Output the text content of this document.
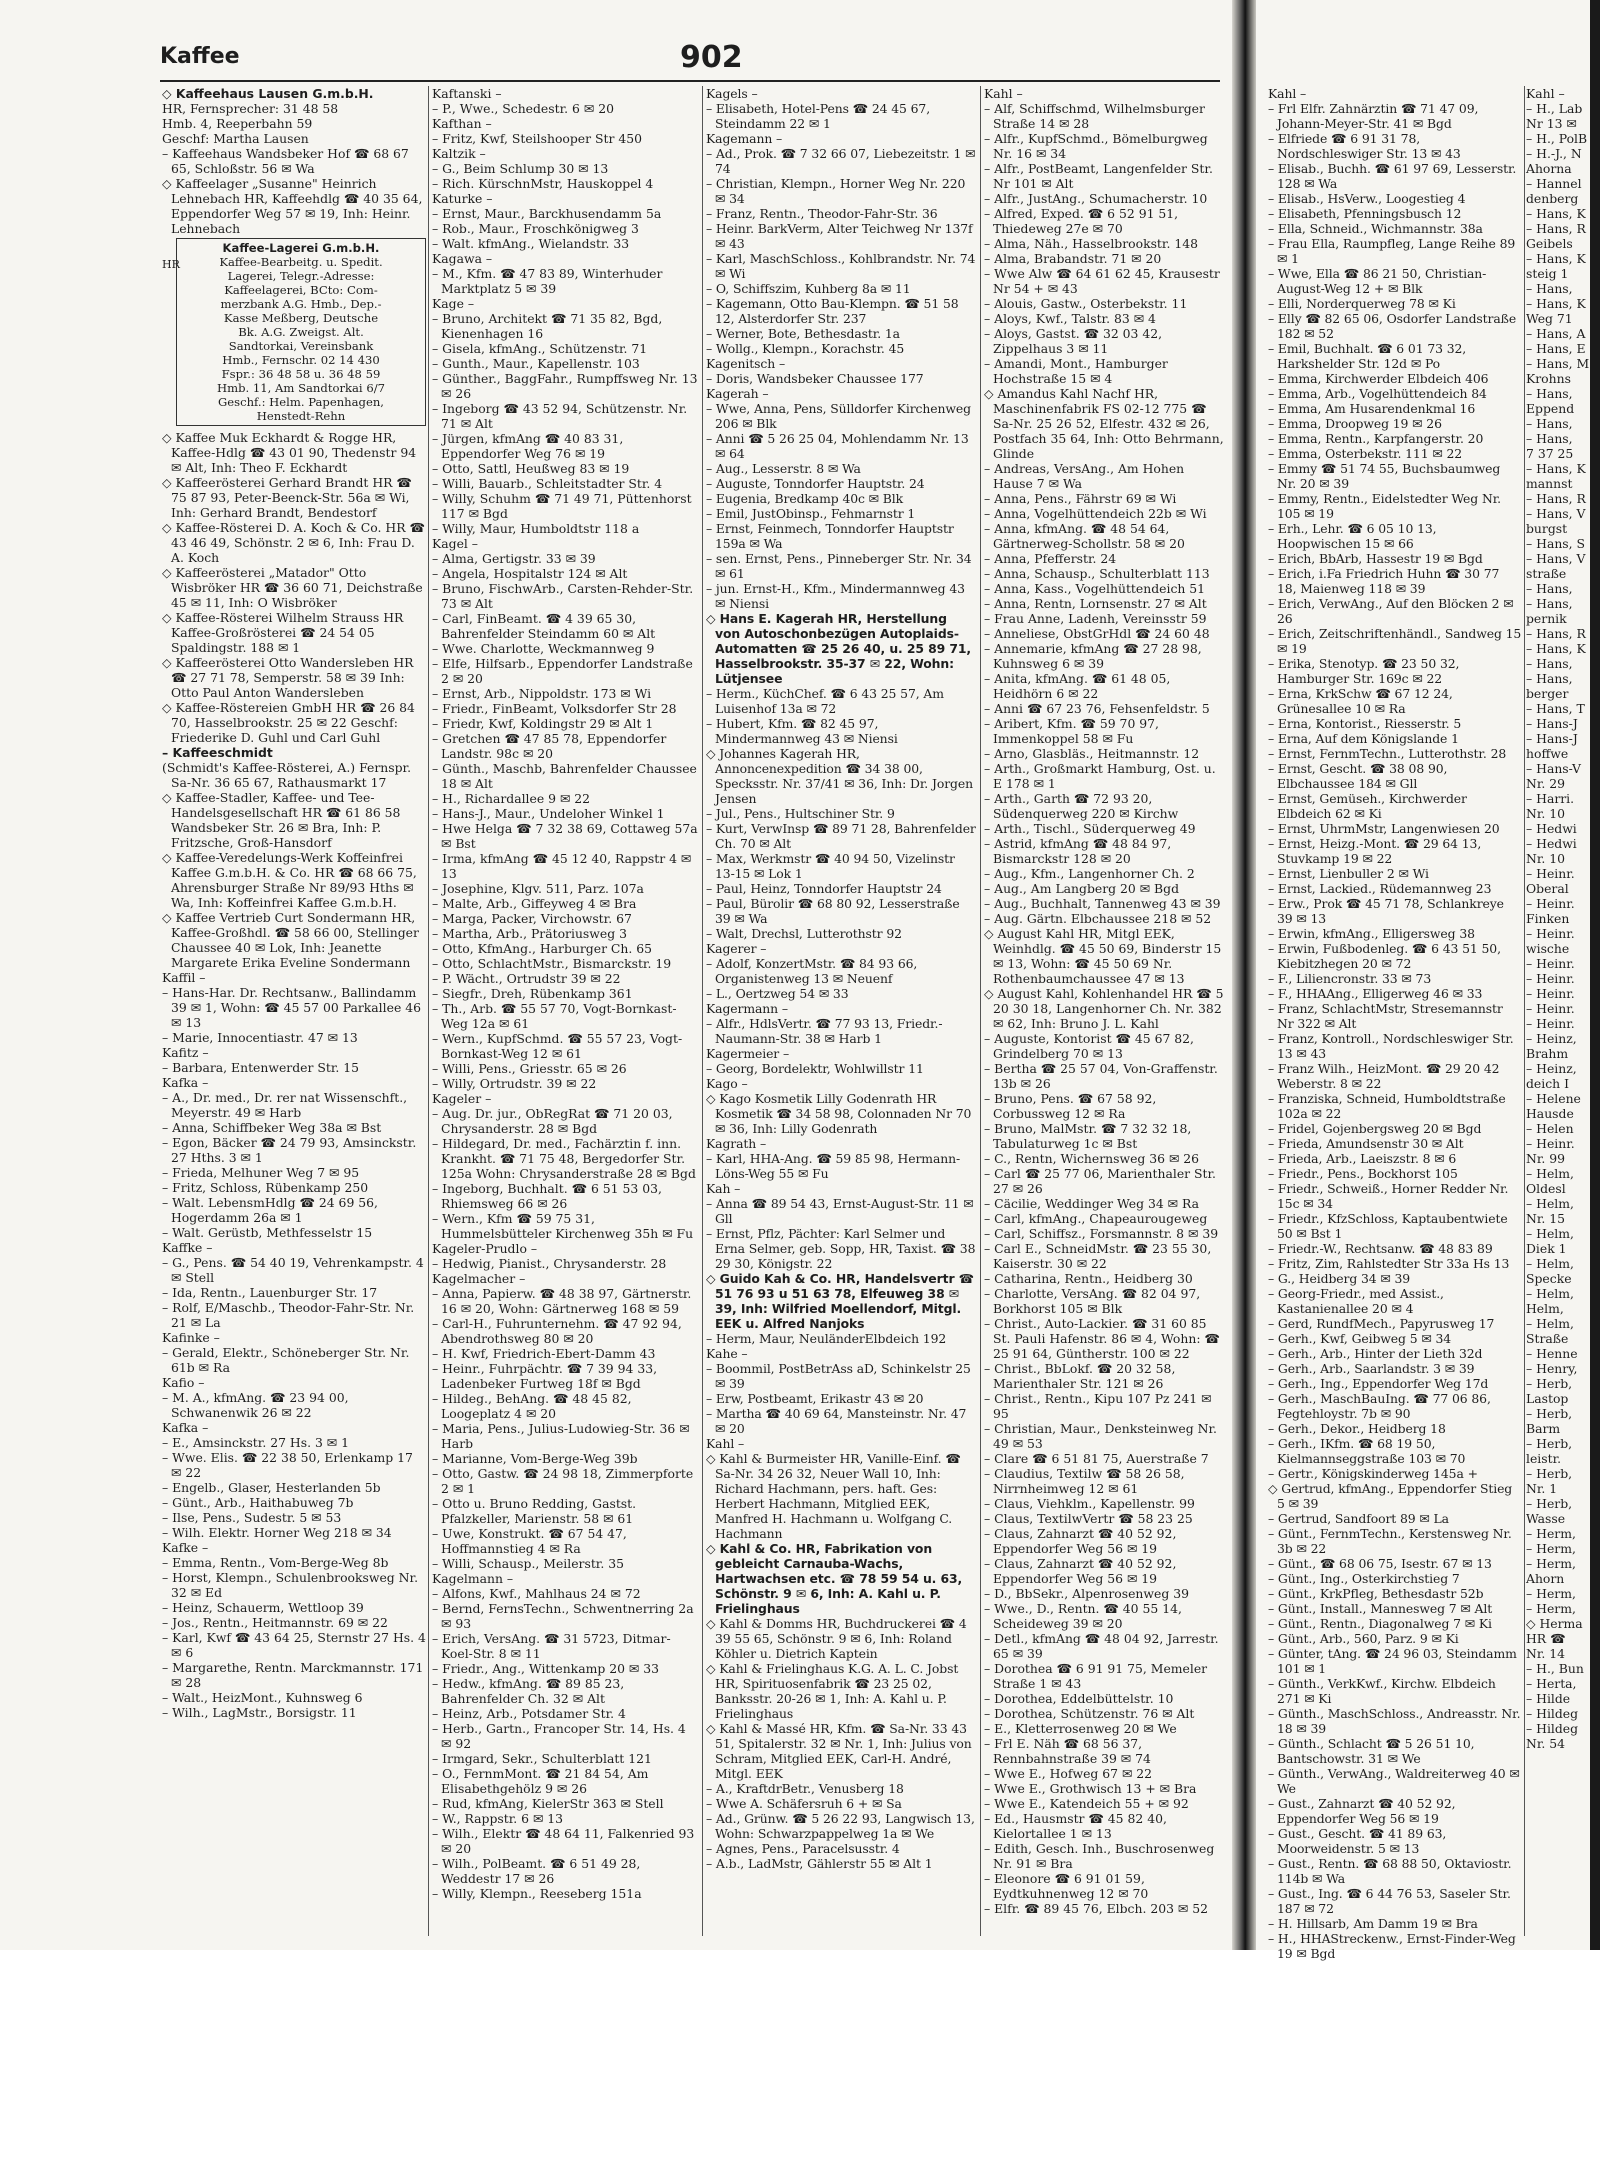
Kaffee	902
◇ Kaffeehaus Lausen G.m.b.H.
HR, Fernsprecher: 31 48 58
Hmb. 4, Reeperbahn 59
Geschf: Martha Lausen
– Kaffeehaus Wandsbeker Hof ☎ 68 67 65, Schloßstr. 56 ✉ Wa
◇ Kaffeelager „Susanne" Heinrich Lehnebach HR, Kaffeehdlg ☎ 40 35 64, Eppendorfer Weg 57 ✉ 19, Inh: Heinr. Lehnebach
Kaffee-Lagerei G.m.b.H.
Kaffee-Bearbeitg. u. Spedit.
Lagerei, Telegr.-Adresse:
Kaffeelagerei, BCto: Com-
merzbank A.G. Hmb., Dep.-
Kasse Meßberg, Deutsche
Bk. A.G. Zweigst. Alt.
Sandtorkai, Vereinsbank
Hmb., Fernschr. 02 14 430
Fspr.: 36 48 58 u. 36 48 59
Hmb. 11, Am Sandtorkai 6/7
Geschf.: Helm. Papenhagen,
Henstedt-Rehn
◇ Kaffee Muk Eckhardt & Rogge HR, Kaffee-Hdlg ☎ 43 01 90, Thedenstr 94 ✉ Alt, Inh: Theo F. Eckhardt
◇ Kaffeerösterei Gerhard Brandt HR ☎ 75 87 93, Peter-Beenck-Str. 56a ✉ Wi, Inh: Gerhard Brandt, Bendestorf
◇ Kaffee-Rösterei D. A. Koch & Co. HR ☎ 43 46 49, Schönstr. 2 ✉ 6, Inh: Frau D. A. Koch
◇ Kaffeerösterei „Matador" Otto Wisbröker HR ☎ 36 60 71, Deichstraße 45 ✉ 11, Inh: O Wisbröker
◇ Kaffee-Rösterei Wilhelm Strauss HR Kaffee-Großrösterei ☎ 24 54 05 Spaldingstr. 188 ✉ 1
◇ Kaffeerösterei Otto Wandersleben HR ☎ 27 71 78, Semperstr. 58 ✉ 39 Inh: Otto Paul Anton Wandersleben
◇ Kaffee-Röstereien GmbH HR ☎ 26 84 70, Hasselbrookstr. 25 ✉ 22 Geschf: Friederike D. Guhl und Carl Guhl
– Kaffeeschmidt
(Schmidt's Kaffee-Rösterei, A.) Fernspr. Sa-Nr. 36 65 67, Rathausmarkt 17
◇ Kaffee-Stadler, Kaffee- und Tee-Handelsgesellschaft HR ☎ 61 86 58 Wandsbeker Str. 26 ✉ Bra, Inh: P. Fritzsche, Groß-Hansdorf
◇ Kaffee-Veredelungs-Werk Koffeinfrei Kaffee G.m.b.H. & Co. HR ☎ 68 66 75, Ahrensburger Straße Nr 89/93 Hths ✉ Wa, Inh: Koffeinfrei Kaffee G.m.b.H.
◇ Kaffee Vertrieb Curt Sondermann HR, Kaffee-Großhdl. ☎ 58 66 00, Stellinger Chaussee 40 ✉ Lok, Inh: Jeanette Margarete Erika Eveline Sondermann
Kaffil –
– Hans-Har. Dr. Rechtsanw., Ballindamm 39 ✉ 1, Wohn: ☎ 45 57 00 Parkallee 46 ✉ 13
– Marie, Innocentiastr. 47 ✉ 13
Kafitz –
– Barbara, Entenwerder Str. 15
Kafka –
– A., Dr. med., Dr. rer nat Wissenschft., Meyerstr. 49 ✉ Harb
– Anna, Schiffbeker Weg 38a ✉ Bst
– Egon, Bäcker ☎ 24 79 93, Amsinckstr. 27 Hths. 3 ✉ 1
– Frieda, Melhuner Weg 7 ✉ 95
– Fritz, Schloss, Rübenkamp 250
– Walt. LebensmHdlg ☎ 24 69 56, Hogerdamm 26a ✉ 1
– Walt. Gerüstb, Methfesselstr 15
Kaffke –
– G., Pens. ☎ 54 40 19, Vehrenkampstr. 4 ✉ Stell
– Ida, Rentn., Lauenburger Str. 17
– Rolf, E/Maschb., Theodor-Fahr-Str. Nr. 21 ✉ La
Kafinke –
– Gerald, Elektr., Schöneberger Str. Nr. 61b ✉ Ra
Kafio –
– M. A., kfmAng. ☎ 23 94 00, Schwanenwik 26 ✉ 22
Kafka –
– E., Amsinckstr. 27 Hs. 3 ✉ 1
– Wwe. Elis. ☎ 22 38 50, Erlenkamp 17 ✉ 22
– Engelb., Glaser, Hesterlanden 5b
– Günt., Arb., Haithabuweg 7b
– Ilse, Pens., Sudestr. 5 ✉ 53
– Wilh. Elektr. Horner Weg 218 ✉ 34
Kafke –
– Emma, Rentn., Vom-Berge-Weg 8b
– Horst, Klempn., Schulenbrooksweg Nr. 32 ✉ Ed
– Heinz, Schauerm, Wettloop 39
– Jos., Rentn., Heitmannstr. 69 ✉ 22
– Karl, Kwf ☎ 43 64 25, Sternstr 27 Hs. 4 ✉ 6
– Margarethe, Rentn. Marckmannstr. 171 ✉ 28
– Walt., HeizMont., Kuhnsweg 6
– Wilh., LagMstr., Borsigstr. 11
HR
Kaftanski –
– P., Wwe., Schedestr. 6 ✉ 20
Kafthan –
– Fritz, Kwf, Steilshooper Str 450
Kaltzik –
– G., Beim Schlump 30 ✉ 13
– Rich. KürschnMstr, Hauskoppel 4
Katurke –
– Ernst, Maur., Barckhusendamm 5a
– Rob., Maur., Froschkönigweg 3
– Walt. kfmAng., Wielandstr. 33
Kagawa –
– M., Kfm. ☎ 47 83 89, Winterhuder Marktplatz 5 ✉ 39
Kage –
– Bruno, Architekt ☎ 71 35 82, Bgd, Kienenhagen 16
– Gisela, kfmAng., Schützenstr. 71
– Gunth., Maur., Kapellenstr. 103
– Günther., BaggFahr., Rumpffsweg Nr. 13 ✉ 26
– Ingeborg ☎ 43 52 94, Schützenstr. Nr. 71 ✉ Alt
– Jürgen, kfmAng ☎ 40 83 31, Eppendorfer Weg 76 ✉ 19
– Otto, Sattl, Heußweg 83 ✉ 19
– Willi, Bauarb., Schleitstadter Str. 4
– Willy, Schuhm ☎ 71 49 71, Püttenhorst 117 ✉ Bgd
– Willy, Maur, Humboldtstr 118 a
Kagel –
– Alma, Gertigstr. 33 ✉ 39
– Angela, Hospitalstr 124 ✉ Alt
– Bruno, FischwArb., Carsten-Rehder-Str. 73 ✉ Alt
– Carl, FinBeamt. ☎ 4 39 65 30, Bahrenfelder Steindamm 60 ✉ Alt
– Wwe. Charlotte, Weckmannweg 9
– Elfe, Hilfsarb., Eppendorfer Landstraße 2 ✉ 20
– Ernst, Arb., Nippoldstr. 173 ✉ Wi
– Friedr., FinBeamt, Volksdorfer Str 28
– Friedr, Kwf, Koldingstr 29 ✉ Alt 1
– Gretchen ☎ 47 85 78, Eppendorfer Landstr. 98c ✉ 20
– Günth., Maschb, Bahrenfelder Chaussee 18 ✉ Alt
– H., Richardallee 9 ✉ 22
– Hans-J., Maur., Undeloher Winkel 1
– Hwe Helga ☎ 7 32 38 69, Cottaweg 57a ✉ Bst
– Irma, kfmAng ☎ 45 12 40, Rappstr 4 ✉ 13
– Josephine, Klgv. 511, Parz. 107a
– Malte, Arb., Giffeyweg 4 ✉ Bra
– Marga, Packer, Virchowstr. 67
– Martha, Arb., Prätoriusweg 3
– Otto, KfmAng., Harburger Ch. 65
– Otto, SchlachtMstr., Bismarckstr. 19
– P. Wächt., Ortrudstr 39 ✉ 22
– Siegfr., Dreh, Rübenkamp 361
– Th., Arb. ☎ 55 57 70, Vogt-Bornkast-Weg 12a ✉ 61
– Wern., KupfSchmd. ☎ 55 57 23, Vogt-Bornkast-Weg 12 ✉ 61
– Willi, Pens., Griesstr. 65 ✉ 26
– Willy, Ortrudstr. 39 ✉ 22
Kageler –
– Aug. Dr. jur., ObRegRat ☎ 71 20 03, Chrysanderstr. 28 ✉ Bgd
– Hildegard, Dr. med., Fachärztin f. inn. Krankht. ☎ 71 75 48, Bergedorfer Str. 125a Wohn: Chrysanderstraße 28 ✉ Bgd
– Ingeborg, Buchhalt. ☎ 6 51 53 03, Rhiemsweg 66 ✉ 26
– Wern., Kfm ☎ 59 75 31, Hummelsbütteler Kirchenweg 35h ✉ Fu
Kageler-Prudlo –
– Hedwig, Pianist., Chrysanderstr. 28
Kagelmacher –
– Anna, Papierw. ☎ 48 38 97, Gärtnerstr. 16 ✉ 20, Wohn: Gärtnerweg 168 ✉ 59
– Carl-H., Fuhrunternehm. ☎ 47 92 94, Abendrothsweg 80 ✉ 20
– H. Kwf, Friedrich-Ebert-Damm 43
– Heinr., Fuhrpächtr. ☎ 7 39 94 33, Ladenbeker Furtweg 18f ✉ Bgd
– Hildeg., BehAng. ☎ 48 45 82, Loogeplatz 4 ✉ 20
– Maria, Pens., Julius-Ludowieg-Str. 36 ✉ Harb
– Marianne, Vom-Berge-Weg 39b
– Otto, Gastw. ☎ 24 98 18, Zimmerpforte 2 ✉ 1
– Otto u. Bruno Redding, Gastst. Pfalzkeller, Marienstr. 58 ✉ 61
– Uwe, Konstrukt. ☎ 67 54 47, Hoffmannstieg 4 ✉ Ra
– Willi, Schausp., Meilerstr. 35
Kagelmann –
– Alfons, Kwf., Mahlhaus 24 ✉ 72
– Bernd, FernsTechn., Schwentnerring 2a ✉ 93
– Erich, VersAng. ☎ 31 5723, Ditmar-Koel-Str. 8 ✉ 11
– Friedr., Ang., Wittenkamp 20 ✉ 33
– Hedw., kfmAng. ☎ 89 85 23, Bahrenfelder Ch. 32 ✉ Alt
– Heinz, Arb., Potsdamer Str. 4
– Herb., Gartn., Francoper Str. 14, Hs. 4 ✉ 92
– Irmgard, Sekr., Schulterblatt 121
– O., FernmMont. ☎ 21 84 54, Am Elisabethgehölz 9 ✉ 26
– Rud, kfmAng, KielerStr 363 ✉ Stell
– W., Rappstr. 6 ✉ 13
– Wilh., Elektr ☎ 48 64 11, Falkenried 93 ✉ 20
– Wilh., PolBeamt. ☎ 6 51 49 28, Weddestr 17 ✉ 26
– Willy, Klempn., Reeseberg 151a
Kagels –
– Elisabeth, Hotel-Pens ☎ 24 45 67, Steindamm 22 ✉ 1
Kagemann –
– Ad., Prok. ☎ 7 32 66 07, Liebezeitstr. 1 ✉ 74
– Christian, Klempn., Horner Weg Nr. 220 ✉ 34
– Franz, Rentn., Theodor-Fahr-Str. 36
– Heinr. BarkVerm, Alter Teichweg Nr 137f ✉ 43
– Karl, MaschSchloss., Kohlbrandstr. Nr. 74 ✉ Wi
– O, Schiffszim, Kuhberg 8a ✉ 11
– Kagemann, Otto Bau-Klempn. ☎ 51 58 12, Alsterdorfer Str. 237
– Werner, Bote, Bethesdastr. 1a
– Wollg., Klempn., Korachstr. 45
Kagenitsch –
– Doris, Wandsbeker Chaussee 177
Kagerah –
– Wwe, Anna, Pens, Sülldorfer Kirchenweg 206 ✉ Blk
– Anni ☎ 5 26 25 04, Mohlendamm Nr. 13 ✉ 64
– Aug., Lesserstr. 8 ✉ Wa
– Auguste, Tonndorfer Hauptstr. 24
– Eugenia, Bredkamp 40c ✉ Blk
– Emil, JustObinsp., Fehmarnstr 1
– Ernst, Feinmech, Tonndorfer Hauptstr 159a ✉ Wa
– sen. Ernst, Pens., Pinneberger Str. Nr. 34 ✉ 61
– jun. Ernst-H., Kfm., Mindermannweg 43 ✉ Niensi
◇ Hans E. Kagerah HR, Herstellung von Autoschonbezügen Autoplaids-Automatten ☎ 25 26 40, u. 25 89 71, Hasselbrookstr. 35-37 ✉ 22, Wohn: Lütjensee
– Herm., KüchChef. ☎ 6 43 25 57, Am Luisenhof 13a ✉ 72
– Hubert, Kfm. ☎ 82 45 97, Mindermannweg 43 ✉ Niensi
◇ Johannes Kagerah HR, Annoncenexpedition ☎ 34 38 00, Specksstr. Nr. 37/41 ✉ 36, Inh: Dr. Jorgen Jensen
– Jul., Pens., Hultschiner Str. 9
– Kurt, VerwInsp ☎ 89 71 28, Bahrenfelder Ch. 70 ✉ Alt
– Max, Werkmstr ☎ 40 94 50, Vizelinstr 13-15 ✉ Lok 1
– Paul, Heinz, Tonndorfer Hauptstr 24
– Paul, Bürolir ☎ 68 80 92, Lesserstraße 39 ✉ Wa
– Walt, Drechsl, Lutterothstr 92
Kagerer –
– Adolf, KonzertMstr. ☎ 84 93 66, Organistenweg 13 ✉ Neuenf
– L., Oertzweg 54 ✉ 33
Kagermann –
– Alfr., HdlsVertr. ☎ 77 93 13, Friedr.-Naumann-Str. 38 ✉ Harb 1
Kagermeier –
– Georg, Bordelektr, Wohlwillstr 11
Kago –
◇ Kago Kosmetik Lilly Godenrath HR Kosmetik ☎ 34 58 98, Colonnaden Nr 70 ✉ 36, Inh: Lilly Godenrath
Kagrath –
– Karl, HHA-Ang. ☎ 59 85 98, Hermann-Löns-Weg 55 ✉ Fu
Kah –
– Anna ☎ 89 54 43, Ernst-August-Str. 11 ✉ Gll
– Ernst, Pflz, Pächter: Karl Selmer und Erna Selmer, geb. Sopp, HR, Taxist. ☎ 38 29 30, Königstr. 22
◇ Guido Kah & Co. HR, Handelsvertr ☎ 51 76 93 u 51 63 78, Elfeuweg 38 ✉ 39, Inh: Wilfried Moellendorf, Mitgl. EEK u. Alfred Nanjoks
– Herm, Maur, NeuländerElbdeich 192
Kahe –
– Boommil, PostBetrAss aD, Schinkelstr 25 ✉ 39
– Erw, Postbeamt, Erikastr 43 ✉ 20
– Martha ☎ 40 69 64, Mansteinstr. Nr. 47 ✉ 20
Kahl –
◇ Kahl & Burmeister HR, Vanille-Einf. ☎ Sa-Nr. 34 26 32, Neuer Wall 10, Inh: Richard Hachmann, pers. haft. Ges: Herbert Hachmann, Mitglied EEK, Manfred H. Hachmann u. Wolfgang C. Hachmann
◇ Kahl & Co. HR, Fabrikation von gebleicht Carnauba-Wachs, Hartwachsen etc. ☎ 78 59 54 u. 63, Schönstr. 9 ✉ 6, Inh: A. Kahl u. P. Frielinghaus
◇ Kahl & Domms HR, Buchdruckerei ☎ 4 39 55 65, Schönstr. 9 ✉ 6, Inh: Roland Köhler u. Dietrich Kaptein
◇ Kahl & Frielinghaus K.G. A. L. C. Jobst HR, Spirituosenfabrik ☎ 23 25 02, Banksstr. 20-26 ✉ 1, Inh: A. Kahl u. P. Frielinghaus
◇ Kahl & Massé HR, Kfm. ☎ Sa-Nr. 33 43 51, Spitalerstr. 32 ✉ Nr. 1, Inh: Julius von Schram, Mitglied EEK, Carl-H. André, Mitgl. EEK
– A., KraftdrBetr., Venusberg 18
– Wwe A. Schäfersruh 6 + ✉ Sa
– Ad., Grünw. ☎ 5 26 22 93, Langwisch 13, Wohn: Schwarzpappelweg 1a ✉ We
– Agnes, Pens., Paracelsusstr. 4
– A.b., LadMstr, Gählerstr 55 ✉ Alt 1
Kahl –
– Alf, Schiffschmd, Wilhelmsburger Straße 14 ✉ 28
– Alfr., KupfSchmd., Bömelburgweg Nr. 16 ✉ 34
– Alfr., PostBeamt, Langenfelder Str. Nr 101 ✉ Alt
– Alfr., JustAng., Schumacherstr. 10
– Alfred, Exped. ☎ 6 52 91 51, Thiedeweg 27e ✉ 70
– Alma, Näh., Hasselbrookstr. 148
– Alma, Brabandstr. 71 ✉ 20
– Wwe Alw ☎ 64 61 62 45, Krausestr Nr 54 + ✉ 43
– Alouis, Gastw., Osterbekstr. 11
– Aloys, Kwf., Talstr. 83 ✉ 4
– Aloys, Gastst. ☎ 32 03 42, Zippelhaus 3 ✉ 11
– Amandi, Mont., Hamburger Hochstraße 15 ✉ 4
◇ Amandus Kahl Nachf HR, Maschinenfabrik FS 02-12 775 ☎ Sa-Nr. 25 26 52, Elfestr. 432 ✉ 26, Postfach 35 64, Inh: Otto Behrmann, Glinde
– Andreas, VersAng., Am Hohen Hause 7 ✉ Wa
– Anna, Pens., Fährstr 69 ✉ Wi
– Anna, Vogelhüttendeich 22b ✉ Wi
– Anna, kfmAng. ☎ 48 54 64, Gärtnerweg-Schollstr. 58 ✉ 20
– Anna, Pfefferstr. 24
– Anna, Schausp., Schulterblatt 113
– Anna, Kass., Vogelhüttendeich 51
– Anna, Rentn, Lornsenstr. 27 ✉ Alt
– Frau Anne, Ladenh, Vereinsstr 59
– Anneliese, ObstGrHdl ☎ 24 60 48
– Annemarie, kfmAng ☎ 27 28 98, Kuhnsweg 6 ✉ 39
– Anita, kfmAng. ☎ 61 48 05, Heidhörn 6 ✉ 22
– Anni ☎ 67 23 76, Fehsenfeldstr. 5
– Aribert, Kfm. ☎ 59 70 97, Immenkoppel 58 ✉ Fu
– Arno, Glasbläs., Heitmannstr. 12
– Arth., Großmarkt Hamburg, Ost. u. E 178 ✉ 1
– Arth., Garth ☎ 72 93 20, Südenquerweg 220 ✉ Kirchw
– Arth., Tischl., Süderquerweg 49
– Astrid, kfmAng ☎ 48 84 97, Bismarckstr 128 ✉ 20
– Aug., Kfm., Langenhorner Ch. 2
– Aug., Am Langberg 20 ✉ Bgd
– Aug., Buchhalt, Tannenweg 43 ✉ 39
– Aug. Gärtn. Elbchaussee 218 ✉ 52
◇ August Kahl HR, Mitgl EEK, Weinhdlg. ☎ 45 50 69, Binderstr 15 ✉ 13, Wohn: ☎ 45 50 69 Nr. Rothenbaumchaussee 47 ✉ 13
◇ August Kahl, Kohlenhandel HR ☎ 5 20 30 18, Langenhorner Ch. Nr. 382 ✉ 62, Inh: Bruno J. L. Kahl
– Auguste, Kontorist ☎ 45 67 82, Grindelberg 70 ✉ 13
– Bertha ☎ 25 57 04, Von-Graffenstr. 13b ✉ 26
– Bruno, Pens. ☎ 67 58 92, Corbussweg 12 ✉ Ra
– Bruno, MalMstr. ☎ 7 32 32 18, Tabulaturweg 1c ✉ Bst
– C., Rentn, Wichernsweg 36 ✉ 26
– Carl ☎ 25 77 06, Marienthaler Str. 27 ✉ 26
– Cäcilie, Weddinger Weg 34 ✉ Ra
– Carl, kfmAng., Chapeaurougeweg
– Carl, Schiffsz., Forsmannstr. 8 ✉ 39
– Carl E., SchneidMstr. ☎ 23 55 30, Kaiserstr. 30 ✉ 22
– Catharina, Rentn., Heidberg 30
– Charlotte, VersAng. ☎ 82 04 97, Borkhorst 105 ✉ Blk
– Christ., Auto-Lackier. ☎ 31 60 85 St. Pauli Hafenstr. 86 ✉ 4, Wohn: ☎ 25 91 64, Güntherstr. 100 ✉ 22
– Christ., BbLokf. ☎ 20 32 58, Marienthaler Str. 121 ✉ 26
– Christ., Rentn., Kipu 107 Pz 241 ✉ 95
– Christian, Maur., Denksteinweg Nr. 49 ✉ 53
– Clare ☎ 6 51 81 75, Auerstraße 7
– Claudius, Textilw ☎ 58 26 58, Nirrnheimweg 12 ✉ 61
– Claus, Viehklm., Kapellenstr. 99
– Claus, TextilwVertr ☎ 58 23 25
– Claus, Zahnarzt ☎ 40 52 92, Eppendorfer Weg 56 ✉ 19
– Claus, Zahnarzt ☎ 40 52 92, Eppendorfer Weg 56 ✉ 19
– D., BbSekr., Alpenrosenweg 39
– Wwe., D., Rentn. ☎ 40 55 14, Scheideweg 39 ✉ 20
– Detl., kfmAng ☎ 48 04 92, Jarrestr. 65 ✉ 39
– Dorothea ☎ 6 91 91 75, Memeler Straße 1 ✉ 43
– Dorothea, Eddelbüttelstr. 10
– Dorothea, Schützenstr. 76 ✉ Alt
– E., Kletterrosenweg 20 ✉ We
– Frl E. Näh ☎ 68 56 37, Rennbahnstraße 39 ✉ 74
– Wwe E., Hofweg 67 ✉ 22
– Wwe E., Grothwisch 13 + ✉ Bra
– Wwe E., Katendeich 55 + ✉ 92
– Ed., Hausmstr ☎ 45 82 40, Kielortallee 1 ✉ 13
– Edith, Gesch. Inh., Buschrosenweg Nr. 91 ✉ Bra
– Eleonore ☎ 6 91 01 59, Eydtkuhnenweg 12 ✉ 70
– Elfr. ☎ 89 45 76, Elbch. 203 ✉ 52
Kahl –
– Frl Elfr. Zahnärztin ☎ 71 47 09, Johann-Meyer-Str. 41 ✉ Bgd
– Elfriede ☎ 6 91 31 78, Nordschleswiger Str. 13 ✉ 43
– Elisab., Buchh. ☎ 61 97 69, Lesserstr. 128 ✉ Wa
– Elisab., HsVerw., Loogestieg 4
– Elisabeth, Pfenningsbusch 12
– Ella, Schneid., Wichmannstr. 38a
– Frau Ella, Raumpfleg, Lange Reihe 89 ✉ 1
– Wwe, Ella ☎ 86 21 50, Christian-August-Weg 12 + ✉ Blk
– Elli, Norderquerweg 78 ✉ Ki
– Elly ☎ 82 65 06, Osdorfer Landstraße 182 ✉ 52
– Emil, Buchhalt. ☎ 6 01 73 32, Harkshelder Str. 12d ✉ Po
– Emma, Kirchwerder Elbdeich 406
– Emma, Arb., Vogelhüttendeich 84
– Emma, Am Husarendenkmal 16
– Emma, Droopweg 19 ✉ 26
– Emma, Rentn., Karpfangerstr. 20
– Emma, Osterbekstr. 111 ✉ 22
– Emmy ☎ 51 74 55, Buchsbaumweg Nr. 20 ✉ 39
– Emmy, Rentn., Eidelstedter Weg Nr. 105 ✉ 19
– Erh., Lehr. ☎ 6 05 10 13, Hoopwischen 15 ✉ 66
– Erich, BbArb, Hassestr 19 ✉ Bgd
– Erich, i.Fa Friedrich Huhn ☎ 30 77 18, Maienweg 118 ✉ 39
– Erich, VerwAng., Auf den Blöcken 2 ✉ 26
– Erich, Zeitschriftenhändl., Sandweg 15 ✉ 19
– Erika, Stenotyp. ☎ 23 50 32, Hamburger Str. 169c ✉ 22
– Erna, KrkSchw ☎ 67 12 24, Grünesallee 10 ✉ Ra
– Erna, Kontorist., Riesserstr. 5
– Erna, Auf dem Königslande 1
– Ernst, FernmTechn., Lutterothstr. 28
– Ernst, Gescht. ☎ 38 08 90, Elbchaussee 184 ✉ Gll
– Ernst, Gemüseh., Kirchwerder Elbdeich 62 ✉ Ki
– Ernst, UhrmMstr, Langenwiesen 20
– Ernst, Heizg.-Mont. ☎ 29 64 13, Stuvkamp 19 ✉ 22
– Ernst, Lienbuller 2 ✉ Wi
– Ernst, Lackied., Rüdemannweg 23
– Erw., Prok ☎ 45 71 78, Schlankreye 39 ✉ 13
– Erwin, kfmAng., Elligersweg 38
– Erwin, Fußbodenleg. ☎ 6 43 51 50, Kiebitzhegen 20 ✉ 72
– F., Liliencronstr. 33 ✉ 73
– F., HHAAng., Elligerweg 46 ✉ 33
– Franz, SchlachtMstr, Stresemannstr Nr 322 ✉ Alt
– Franz, Kontroll., Nordschleswiger Str. 13 ✉ 43
– Franz Wilh., HeizMont. ☎ 29 20 42 Weberstr. 8 ✉ 22
– Franziska, Schneid, Humboldtstraße 102a ✉ 22
– Fridel, Gojenbergsweg 20 ✉ Bgd
– Frieda, Amundsenstr 30 ✉ Alt
– Frieda, Arb., Laeiszstr. 8 ✉ 6
– Friedr., Pens., Bockhorst 105
– Friedr., Schweiß., Horner Redder Nr. 15c ✉ 34
– Friedr., KfzSchloss, Kaptaubentwiete 50 ✉ Bst 1
– Friedr.-W., Rechtsanw. ☎ 48 83 89
– Fritz, Zim, Rahlstedter Str 33a Hs 13
– G., Heidberg 34 ✉ 39
– Georg-Friedr., med Assist., Kastanienallee 20 ✉ 4
– Gerd, RundfMech., Papyrusweg 17
– Gerh., Kwf, Geibweg 5 ✉ 34
– Gerh., Arb., Hinter der Lieth 32d
– Gerh., Arb., Saarlandstr. 3 ✉ 39
– Gerh., Ing., Eppendorfer Weg 17d
– Gerh., MaschBauIng. ☎ 77 06 86, Fegtehloystr. 7b ✉ 90
– Gerh., Dekor., Heidberg 18
– Gerh., IKfm. ☎ 68 19 50, Kielmannseggstraße 103 ✉ 70
– Gertr., Königskinderweg 145a +
◇ Gertrud, kfmAng., Eppendorfer Stieg 5 ✉ 39
– Gertrud, Sandfoort 89 ✉ La
– Günt., FernmTechn., Kerstensweg Nr. 3b ✉ 22
– Günt., ☎ 68 06 75, Isestr. 67 ✉ 13
– Günt., Ing., Osterkirchstieg 7
– Günt., KrkPfleg, Bethesdastr 52b
– Günt., Install., Mannesweg 7 ✉ Alt
– Günt., Rentn., Diagonalweg 7 ✉ Ki
– Günt., Arb., 560, Parz. 9 ✉ Ki
– Günter, tAng. ☎ 24 96 03, Steindamm 101 ✉ 1
– Günth., VerkKwf., Kirchw. Elbdeich 271 ✉ Ki
– Günth., MaschSchloss., Andreasstr. Nr. 18 ✉ 39
– Günth., Schlacht ☎ 5 26 51 10, Bantschowstr. 31 ✉ We
– Günth., VerwAng., Waldreiterweg 40 ✉ We
– Gust., Zahnarzt ☎ 40 52 92, Eppendorfer Weg 56 ✉ 19
– Gust., Gescht. ☎ 41 89 63, Moorweidenstr. 5 ✉ 13
– Gust., Rentn. ☎ 68 88 50, Oktaviostr. 114b ✉ Wa
– Gust., Ing. ☎ 6 44 76 53, Saseler Str. 187 ✉ 72
– H. Hillsarb, Am Damm 19 ✉ Bra
– H., HHAStreckenw., Ernst-Finder-Weg 19 ✉ Bgd
Kahl –
– H., Lab
Nr 13 ✉
– H., PolB
– H.-J., N
Ahorna
– Hannel
denberg
– Hans, K
– Hans, R
Geibels
– Hans, K
steig 1
– Hans,
– Hans, K
Weg 71
– Hans, A
– Hans, E
– Hans, M
Krohns
– Hans,
Eppend
– Hans,
– Hans,
7 37 25
– Hans, K
mannst
– Hans, R
– Hans, V
burgst
– Hans, S
– Hans, V
straße
– Hans,
– Hans,
pernik
– Hans, R
– Hans, K
– Hans,
– Hans,
berger
– Hans, T
– Hans-J
– Hans-J
hoffwe
– Hans-V
Nr. 29
– Harri.
Nr. 10
– Hedwi
– Hedwi
Nr. 10
– Heinr.
Oberal
– Heinr.
Finken
– Heinr.
wische
– Heinr.
– Heinr.
– Heinr.
– Heinr.
– Heinr.
– Heinz,
Brahm
– Heinz,
deich I
– Helene
Hausde
– Helen
– Heinr.
Nr. 99
– Helm,
Oldesl
– Helm,
Nr. 15
– Helm,
Diek 1
– Helm,
Specke
– Helm,
Helm,
– Helm,
Straße
– Henne
– Henry,
– Herb,
Lastop
– Herb,
Barm
– Herb,
leistr.
– Herb,
Nr. 1
– Herb,
Wasse
– Herm,
– Herm,
– Herm,
Ahorn
– Herm,
– Herm,
◇ Herma
HR ☎
Nr. 14
– H., Bun
– Herta,
– Hilde
– Hildeg
– Hildeg
Nr. 54
